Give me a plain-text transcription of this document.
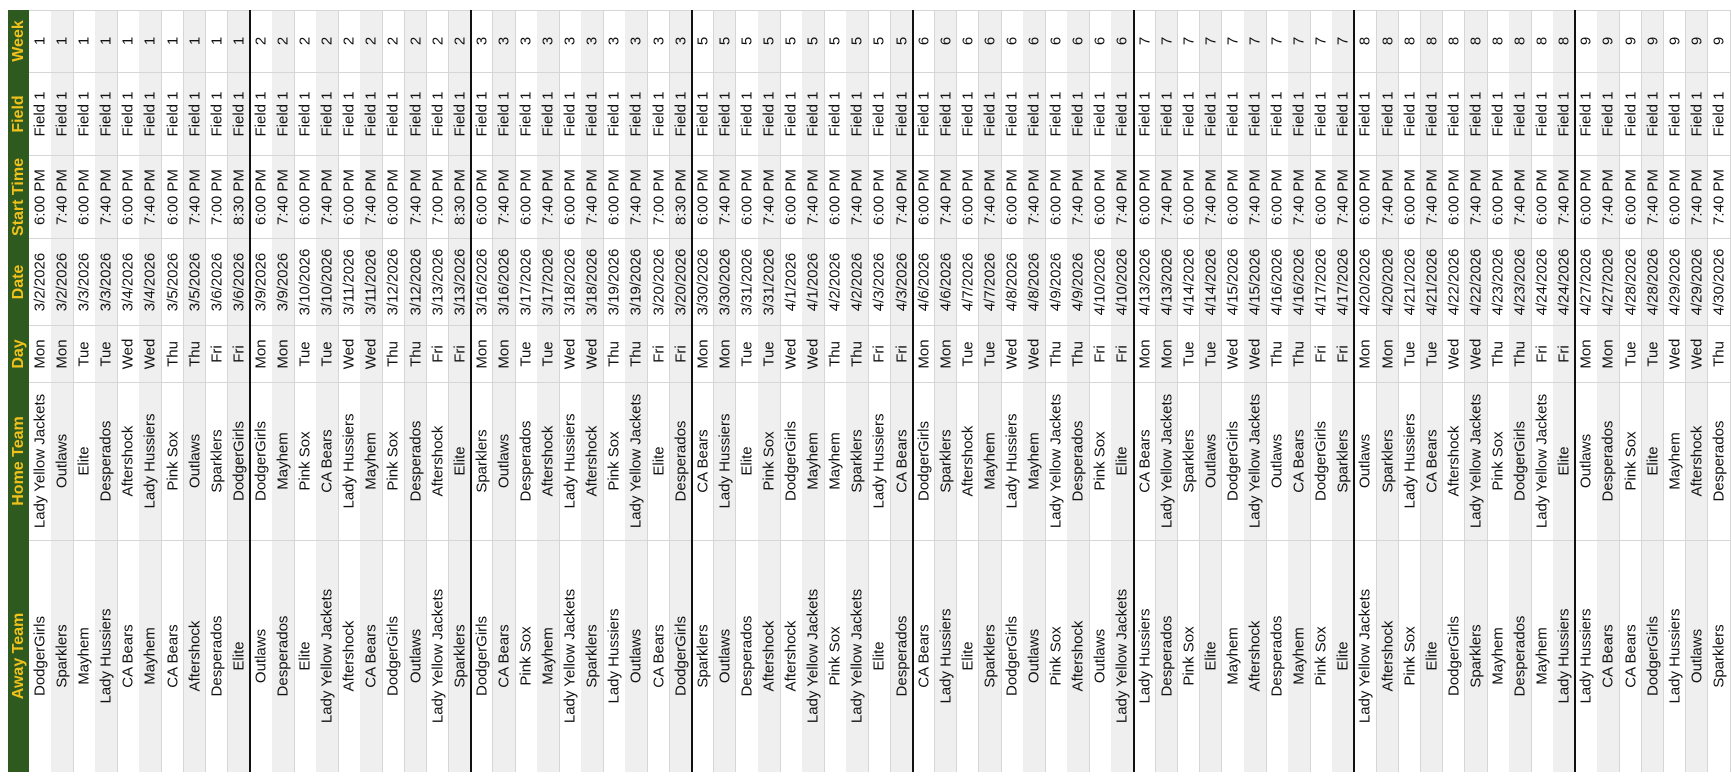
Away Team
Home Team
Day
Date
Start Time
Field
Week
DodgerGirls
Lady Yellow Jackets
Mon
3/2/2026
6:00 PM
Field 1
1
Sparklers
Outlaws
Mon
3/2/2026
7:40 PM
Field 1
1
Mayhem
Elite
Tue
3/3/2026
6:00 PM
Field 1
1
Lady Hussiers
Desperados
Tue
3/3/2026
7:40 PM
Field 1
1
CA Bears
Aftershock
Wed
3/4/2026
6:00 PM
Field 1
1
Mayhem
Lady Hussiers
Wed
3/4/2026
7:40 PM
Field 1
1
CA Bears
Pink Sox
Thu
3/5/2026
6:00 PM
Field 1
1
Aftershock
Outlaws
Thu
3/5/2026
7:40 PM
Field 1
1
Desperados
Sparklers
Fri
3/6/2026
7:00 PM
Field 1
1
Elite
DodgerGirls
Fri
3/6/2026
8:30 PM
Field 1
1
Outlaws
DodgerGirls
Mon
3/9/2026
6:00 PM
Field 1
2
Desperados
Mayhem
Mon
3/9/2026
7:40 PM
Field 1
2
Elite
Pink Sox
Tue
3/10/2026
6:00 PM
Field 1
2
Lady Yellow Jackets
CA Bears
Tue
3/10/2026
7:40 PM
Field 1
2
Aftershock
Lady Hussiers
Wed
3/11/2026
6:00 PM
Field 1
2
CA Bears
Mayhem
Wed
3/11/2026
7:40 PM
Field 1
2
DodgerGirls
Pink Sox
Thu
3/12/2026
6:00 PM
Field 1
2
Outlaws
Desperados
Thu
3/12/2026
7:40 PM
Field 1
2
Lady Yellow Jackets
Aftershock
Fri
3/13/2026
7:00 PM
Field 1
2
Sparklers
Elite
Fri
3/13/2026
8:30 PM
Field 1
2
DodgerGirls
Sparklers
Mon
3/16/2026
6:00 PM
Field 1
3
CA Bears
Outlaws
Mon
3/16/2026
7:40 PM
Field 1
3
Pink Sox
Desperados
Tue
3/17/2026
6:00 PM
Field 1
3
Mayhem
Aftershock
Tue
3/17/2026
7:40 PM
Field 1
3
Lady Yellow Jackets
Lady Hussiers
Wed
3/18/2026
6:00 PM
Field 1
3
Sparklers
Aftershock
Wed
3/18/2026
7:40 PM
Field 1
3
Lady Hussiers
Pink Sox
Thu
3/19/2026
6:00 PM
Field 1
3
Outlaws
Lady Yellow Jackets
Thu
3/19/2026
7:40 PM
Field 1
3
CA Bears
Elite
Fri
3/20/2026
7:00 PM
Field 1
3
DodgerGirls
Desperados
Fri
3/20/2026
8:30 PM
Field 1
3
Sparklers
CA Bears
Mon
3/30/2026
6:00 PM
Field 1
5
Outlaws
Lady Hussiers
Mon
3/30/2026
7:40 PM
Field 1
5
Desperados
Elite
Tue
3/31/2026
6:00 PM
Field 1
5
Aftershock
Pink Sox
Tue
3/31/2026
7:40 PM
Field 1
5
Aftershock
DodgerGirls
Wed
4/1/2026
6:00 PM
Field 1
5
Lady Yellow Jackets
Mayhem
Wed
4/1/2026
7:40 PM
Field 1
5
Pink Sox
Mayhem
Thu
4/2/2026
6:00 PM
Field 1
5
Lady Yellow Jackets
Sparklers
Thu
4/2/2026
7:40 PM
Field 1
5
Elite
Lady Hussiers
Fri
4/3/2026
6:00 PM
Field 1
5
Desperados
CA Bears
Fri
4/3/2026
7:40 PM
Field 1
5
CA Bears
DodgerGirls
Mon
4/6/2026
6:00 PM
Field 1
6
Lady Hussiers
Sparklers
Mon
4/6/2026
7:40 PM
Field 1
6
Elite
Aftershock
Tue
4/7/2026
6:00 PM
Field 1
6
Sparklers
Mayhem
Tue
4/7/2026
7:40 PM
Field 1
6
DodgerGirls
Lady Hussiers
Wed
4/8/2026
6:00 PM
Field 1
6
Outlaws
Mayhem
Wed
4/8/2026
7:40 PM
Field 1
6
Pink Sox
Lady Yellow Jackets
Thu
4/9/2026
6:00 PM
Field 1
6
Aftershock
Desperados
Thu
4/9/2026
7:40 PM
Field 1
6
Outlaws
Pink Sox
Fri
4/10/2026
6:00 PM
Field 1
6
Lady Yellow Jackets
Elite
Fri
4/10/2026
7:40 PM
Field 1
6
Lady Hussiers
CA Bears
Mon
4/13/2026
6:00 PM
Field 1
7
Desperados
Lady Yellow Jackets
Mon
4/13/2026
7:40 PM
Field 1
7
Pink Sox
Sparklers
Tue
4/14/2026
6:00 PM
Field 1
7
Elite
Outlaws
Tue
4/14/2026
7:40 PM
Field 1
7
Mayhem
DodgerGirls
Wed
4/15/2026
6:00 PM
Field 1
7
Aftershock
Lady Yellow Jackets
Wed
4/15/2026
7:40 PM
Field 1
7
Desperados
Outlaws
Thu
4/16/2026
6:00 PM
Field 1
7
Mayhem
CA Bears
Thu
4/16/2026
7:40 PM
Field 1
7
Pink Sox
DodgerGirls
Fri
4/17/2026
6:00 PM
Field 1
7
Elite
Sparklers
Fri
4/17/2026
7:40 PM
Field 1
7
Lady Yellow Jackets
Outlaws
Mon
4/20/2026
6:00 PM
Field 1
8
Aftershock
Sparklers
Mon
4/20/2026
7:40 PM
Field 1
8
Pink Sox
Lady Hussiers
Tue
4/21/2026
6:00 PM
Field 1
8
Elite
CA Bears
Tue
4/21/2026
7:40 PM
Field 1
8
DodgerGirls
Aftershock
Wed
4/22/2026
6:00 PM
Field 1
8
Sparklers
Lady Yellow Jackets
Wed
4/22/2026
7:40 PM
Field 1
8
Mayhem
Pink Sox
Thu
4/23/2026
6:00 PM
Field 1
8
Desperados
DodgerGirls
Thu
4/23/2026
7:40 PM
Field 1
8
Mayhem
Lady Yellow Jackets
Fri
4/24/2026
6:00 PM
Field 1
8
Lady Hussiers
Elite
Fri
4/24/2026
7:40 PM
Field 1
8
Lady Hussiers
Outlaws
Mon
4/27/2026
6:00 PM
Field 1
9
CA Bears
Desperados
Mon
4/27/2026
7:40 PM
Field 1
9
CA Bears
Pink Sox
Tue
4/28/2026
6:00 PM
Field 1
9
DodgerGirls
Elite
Tue
4/28/2026
7:40 PM
Field 1
9
Lady Hussiers
Mayhem
Wed
4/29/2026
6:00 PM
Field 1
9
Outlaws
Aftershock
Wed
4/29/2026
7:40 PM
Field 1
9
Sparklers
Desperados
Thu
4/30/2026
7:40 PM
Field 1
9
